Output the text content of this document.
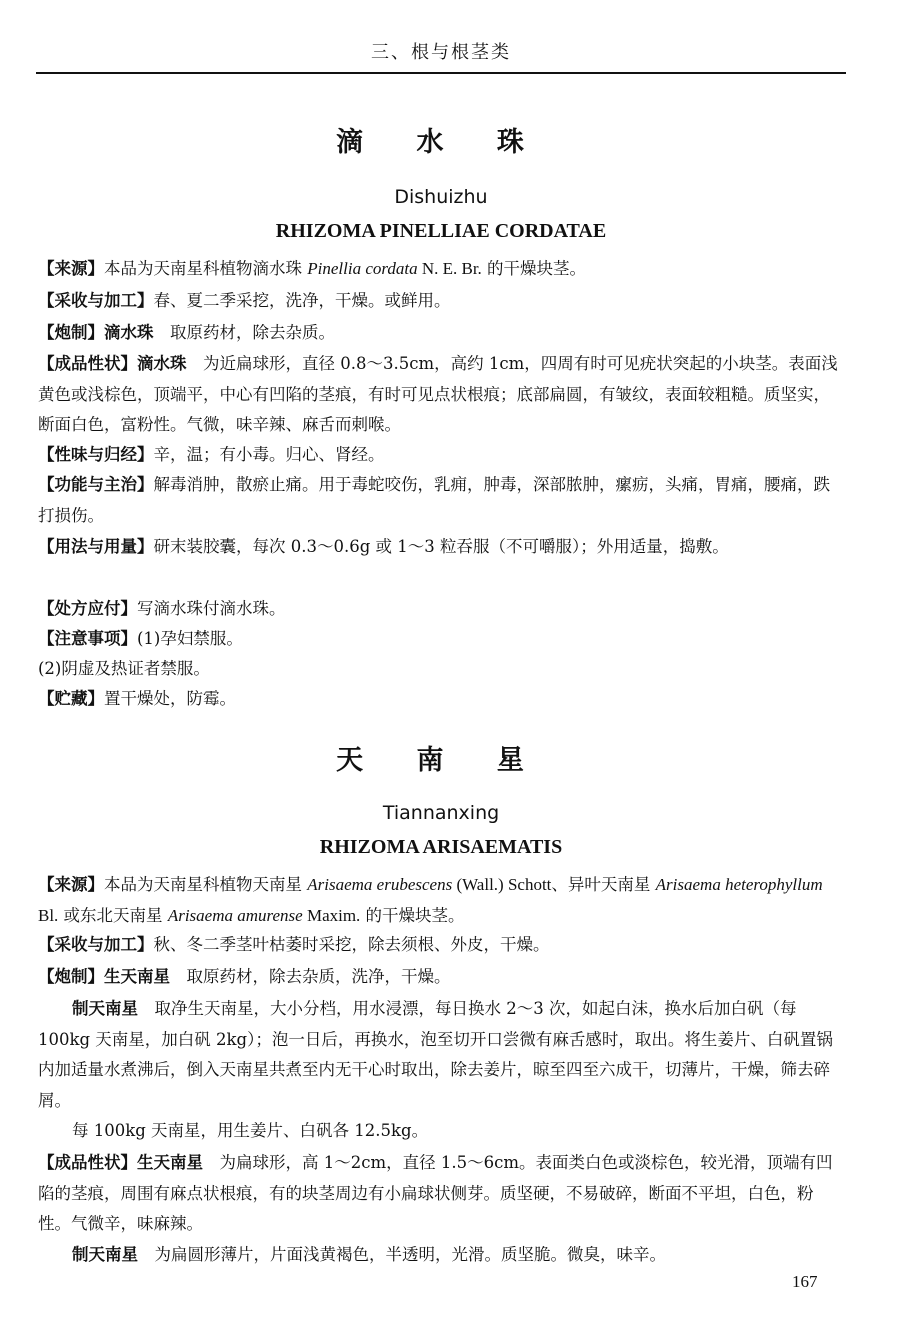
三、根与根茎类
滴 水 珠
Dishuizhu
RHIZOMA PINELLIAE CORDATAE
【来源】本品为天南星科植物滴水珠 Pinellia cordata N. E. Br. 的干燥块茎。
【采收与加工】春、夏二季采挖，洗净，干燥。或鲜用。
【炮制】滴水珠　取原药材，除去杂质。
【成品性状】滴水珠　为近扁球形，直径 0.8～3.5cm，高约 1cm，四周有时可见疣状突起的小块茎。表面浅黄色或浅棕色，顶端平，中心有凹陷的茎痕，有时可见点状根痕；底部扁圆，有皱纹，表面较粗糙。质坚实，断面白色，富粉性。气微，味辛辣、麻舌而刺喉。
【性味与归经】辛，温；有小毒。归心、肾经。
【功能与主治】解毒消肿，散瘀止痛。用于毒蛇咬伤，乳痈，肿毒，深部脓肿，瘰疬，头痛，胃痛，腰痛，跌打损伤。
【用法与用量】研末装胶囊，每次 0.3～0.6g 或 1～3 粒吞服（不可嚼服）；外用适量，捣敷。
【处方应付】写滴水珠付滴水珠。
【注意事项】(1)孕妇禁服。
(2)阴虚及热证者禁服。
【贮藏】置干燥处，防霉。
天 南 星
Tiannanxing
RHIZOMA ARISAEMATIS
【来源】本品为天南星科植物天南星 Arisaema erubescens (Wall.) Schott、异叶天南星 Arisaema heterophyllum Bl. 或东北天南星 Arisaema amurense Maxim. 的干燥块茎。
【采收与加工】秋、冬二季茎叶枯萎时采挖，除去须根、外皮，干燥。
【炮制】生天南星　取原药材，除去杂质，洗净，干燥。
制天南星　取净生天南星，大小分档，用水浸漂，每日换水 2～3 次，如起白沫，换水后加白矾（每 100kg 天南星，加白矾 2kg）；泡一日后，再换水，泡至切开口尝微有麻舌感时，取出。将生姜片、白矾置锅内加适量水煮沸后，倒入天南星共煮至内无干心时取出，除去姜片，晾至四至六成干，切薄片，干燥，筛去碎屑。
每 100kg 天南星，用生姜片、白矾各 12.5kg。
【成品性状】生天南星　为扁球形，高 1～2cm，直径 1.5～6cm。表面类白色或淡棕色，较光滑，顶端有凹陷的茎痕，周围有麻点状根痕，有的块茎周边有小扁球状侧芽。质坚硬，不易破碎，断面不平坦，白色，粉性。气微辛，味麻辣。
制天南星　为扁圆形薄片，片面浅黄褐色，半透明，光滑。质坚脆。微臭，味辛。
167
